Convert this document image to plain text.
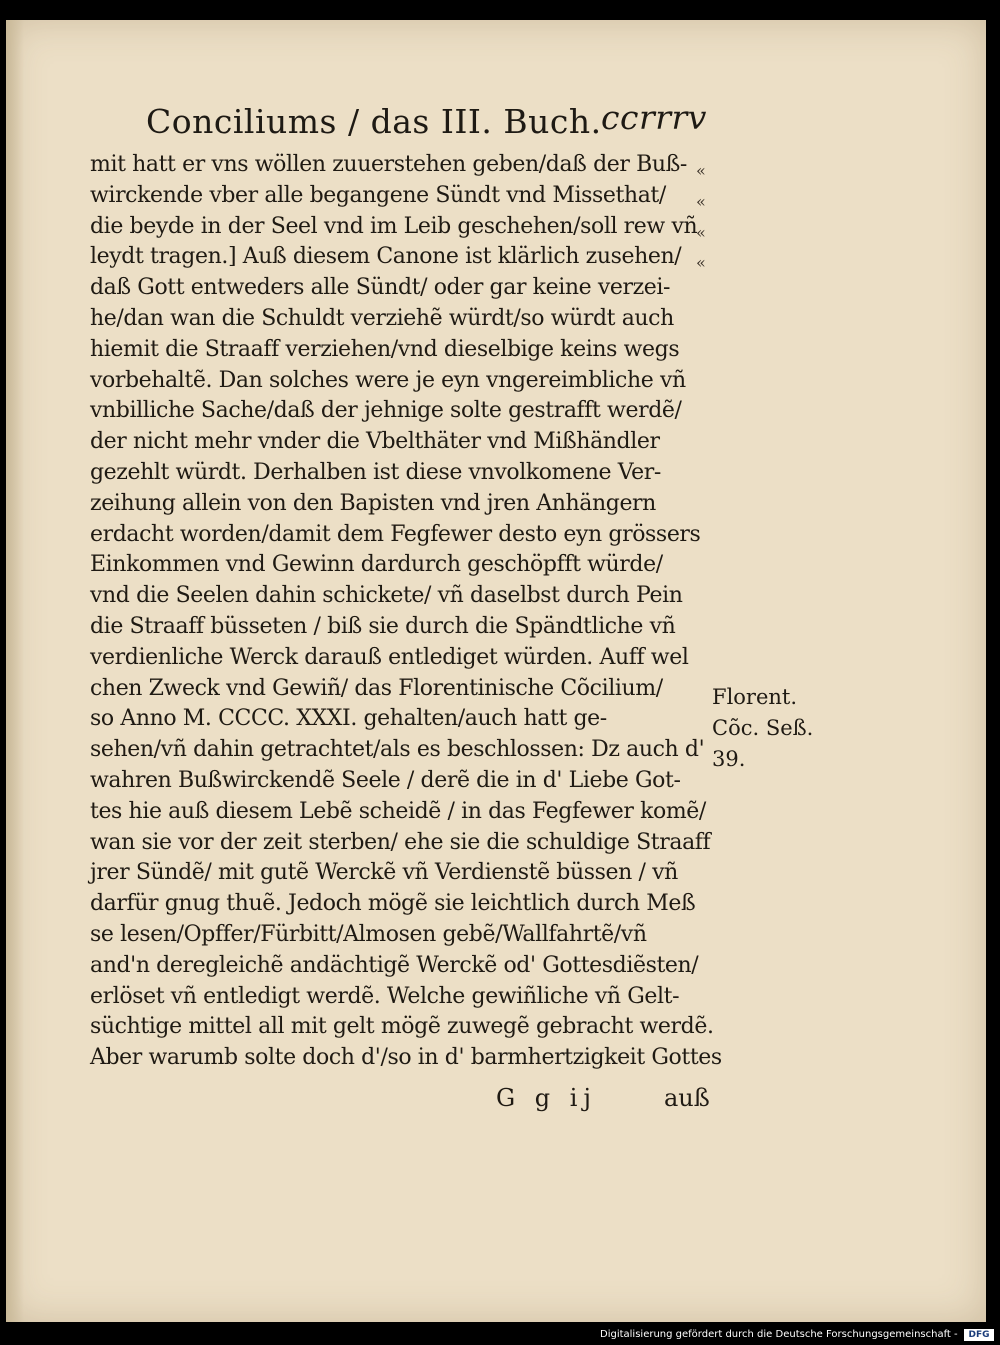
Conciliums / das III. Buch. ccrrrv
mit hatt er vns wöllen zuuerstehen geben/daß der Buß-
wirckende vber alle begangene Sündt vnd Missethat/
die beyde in der Seel vnd im Leib geschehen/soll rew vñ
leydt tragen.] Auß diesem Canone ist klärlich zusehen/
daß Gott entweders alle Sündt/ oder gar keine verzei-
he/dan wan die Schuldt verziehẽ würdt/so würdt auch
hiemit die Straaff verziehen/vnd dieselbige keins wegs
vorbehaltẽ. Dan solches were je eyn vngereimbliche vñ
vnbilliche Sache/daß der jehnige solte gestrafft werdẽ/
der nicht mehr vnder die Vbelthäter vnd Mißhändler
gezehlt würdt. Derhalben ist diese vnvolkomene Ver-
zeihung allein von den Bapisten vnd jren Anhängern
erdacht worden/damit dem Fegfewer desto eyn grössers
Einkommen vnd Gewinn dardurch geschöpfft würde/
vnd die Seelen dahin schickete/ vñ daselbst durch Pein
die Straaff büsseten / biß sie durch die Spändtliche vñ
verdienliche Werck darauß entlediget würden. Auff wel
chen Zweck vnd Gewiñ/ das Florentinische Cõcilium/
so Anno M. CCCC. XXXI. gehalten/auch hatt ge-
sehen/vñ dahin getrachtet/als es beschlossen: Dz auch d'
wahren Bußwirckendẽ Seele / derẽ die in d' Liebe Got-
tes hie auß diesem Lebẽ scheidẽ / in das Fegfewer komẽ/
wan sie vor der zeit sterben/ ehe sie die schuldige Straaff
jrer Sündẽ/ mit gutẽ Werckẽ vñ Verdienstẽ büssen / vñ
darfür gnug thuẽ. Jedoch mögẽ sie leichtlich durch Meß
se lesen/Opffer/Fürbitt/Almosen gebẽ/Wallfahrtẽ/vñ
and'n deregleichẽ andächtigẽ Werckẽ od' Gottesdiẽsten/
erlöset vñ entledigt werdẽ. Welche gewiñliche vñ Gelt-
süchtige mittel all mit gelt mögẽ zuwegẽ gebracht werdẽ.
Aber warumb solte doch d'/so in d' barmhertzigkeit Gottes
«
«
«
«
Florent.
Cõc. Seß.
39.
G g ij	auß
Digitalisierung gefördert durch die Deutsche Forschungsgemeinschaft -	DFG
